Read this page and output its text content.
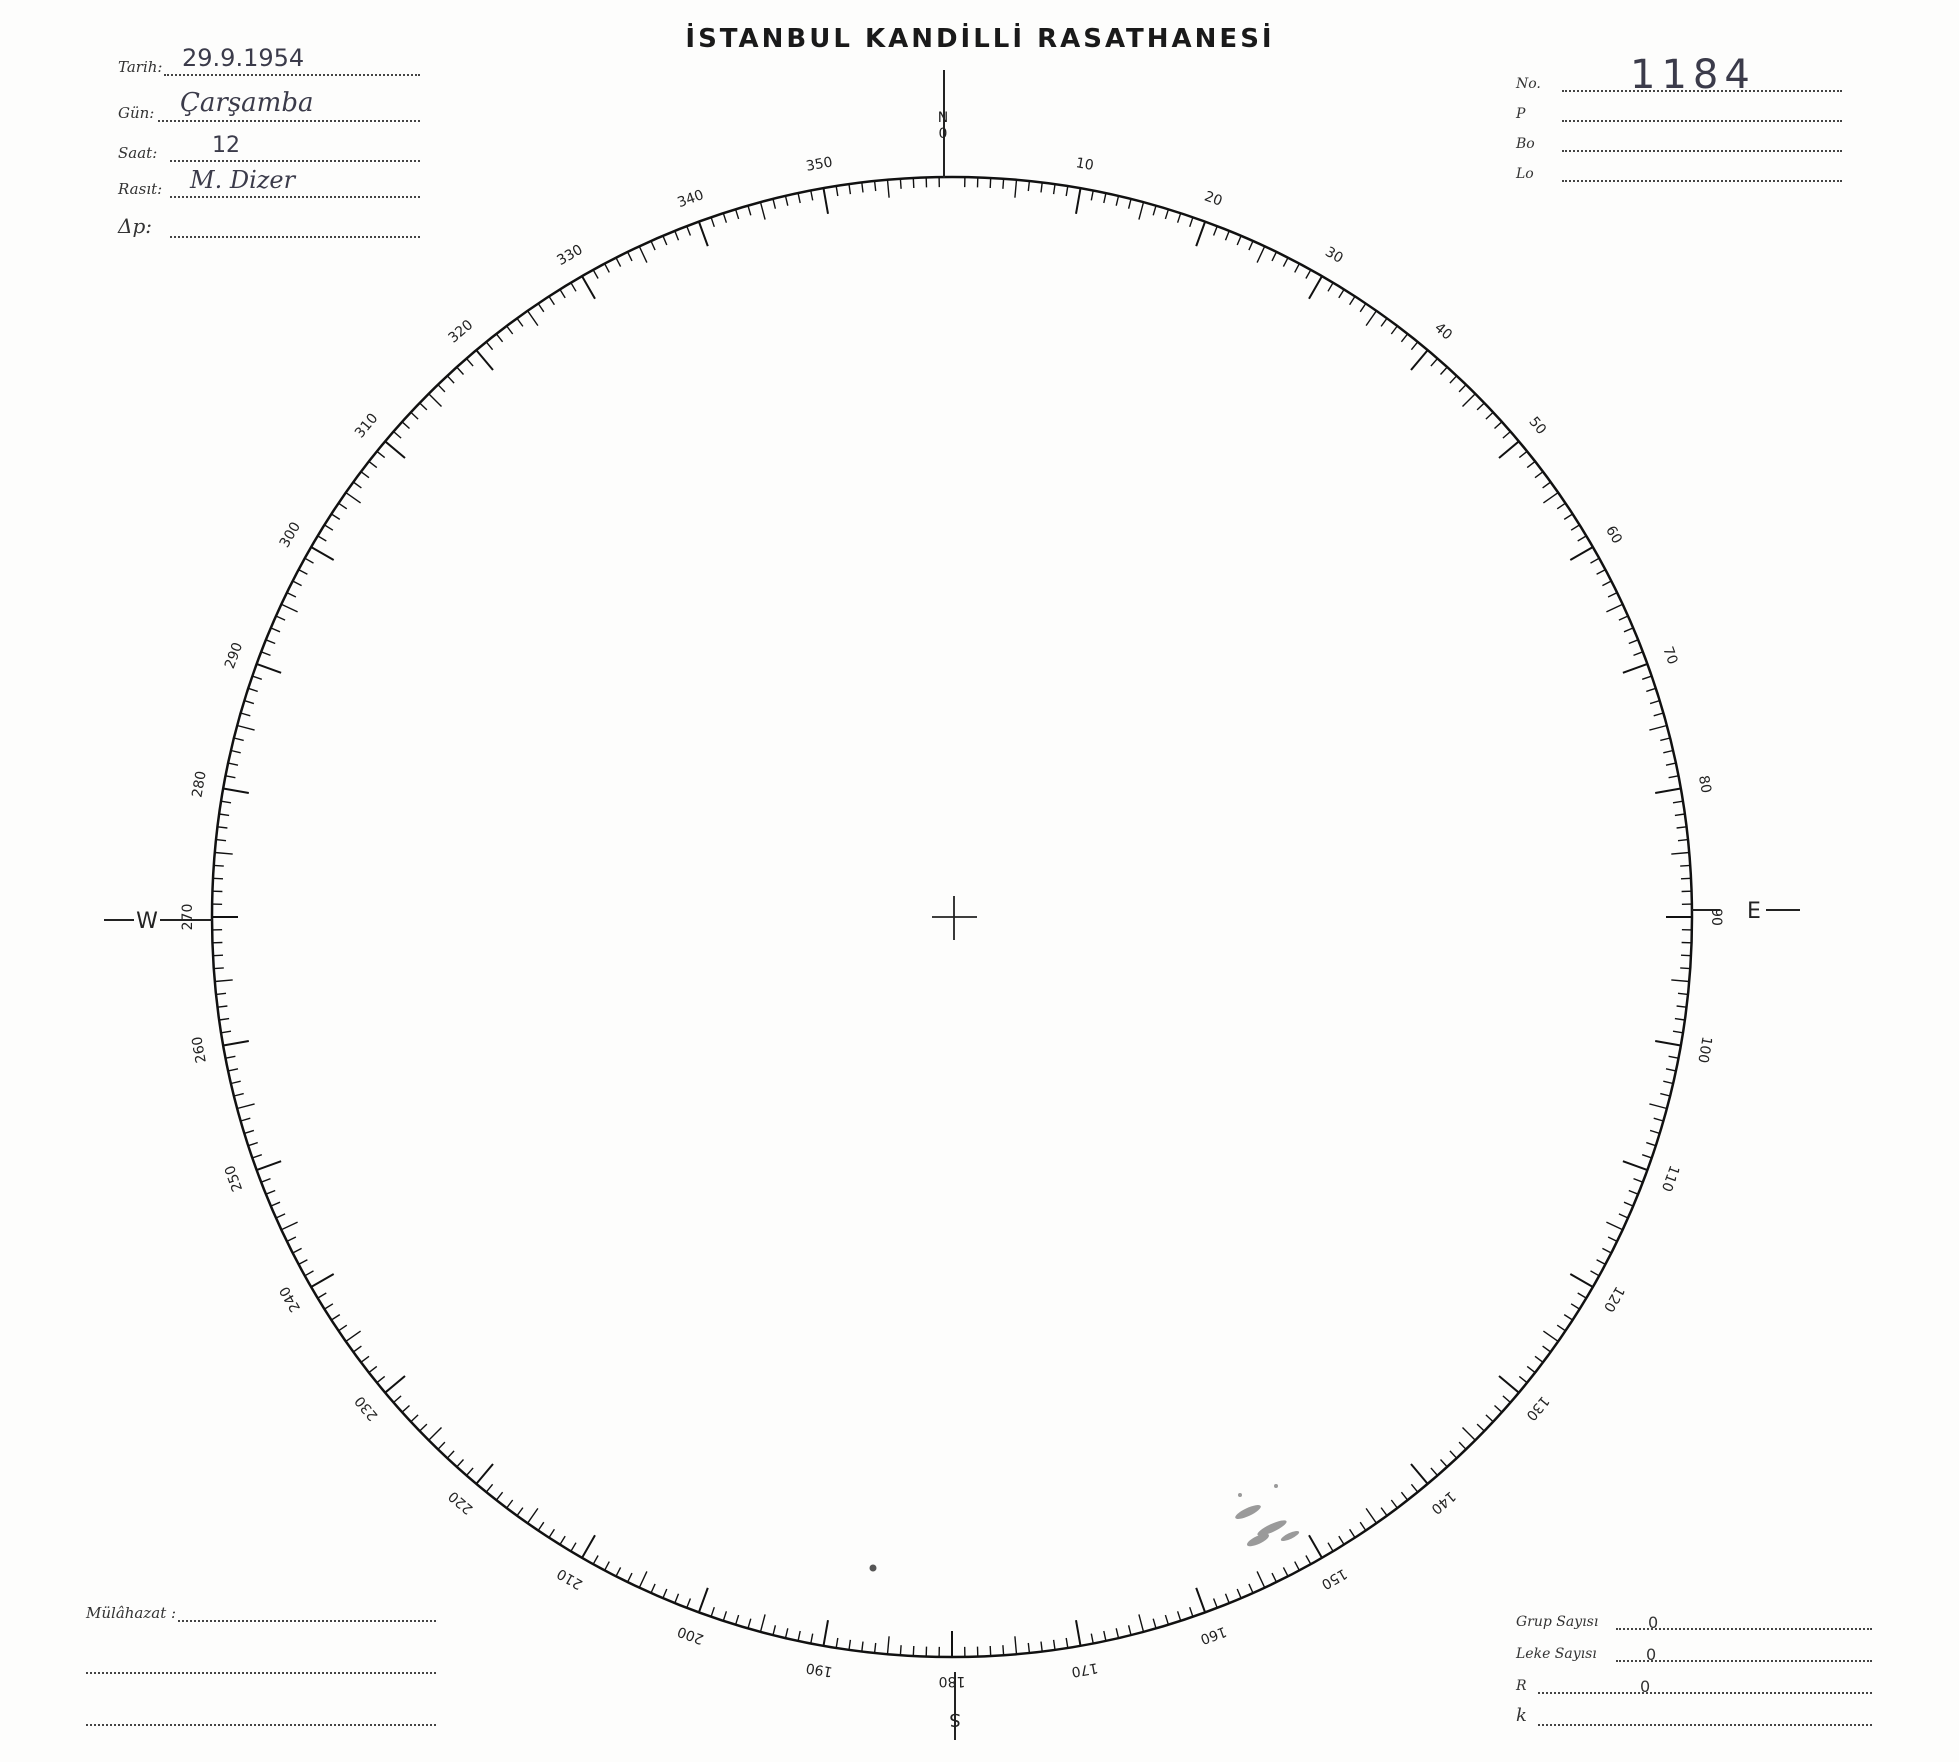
İSTANBUL KANDİLLİ RASATHANESİ
Tarih: 29.9.1954
Gün: Çarşamba
Saat: 12
Rasıt: M. Dizer
Δp:
No. 1184
P
Bo
Lo
Mülâhazat :	Grup Sayısı	0
Leke Sayısı	0
R	0
k
10
20
30
40
50
60
70
80
90
100
110
120
130
140
150
160
170
180
190
200
210
220
230
240
250
260
270
280
290
300
310
320
330
340
350
N
0
S
W	E
